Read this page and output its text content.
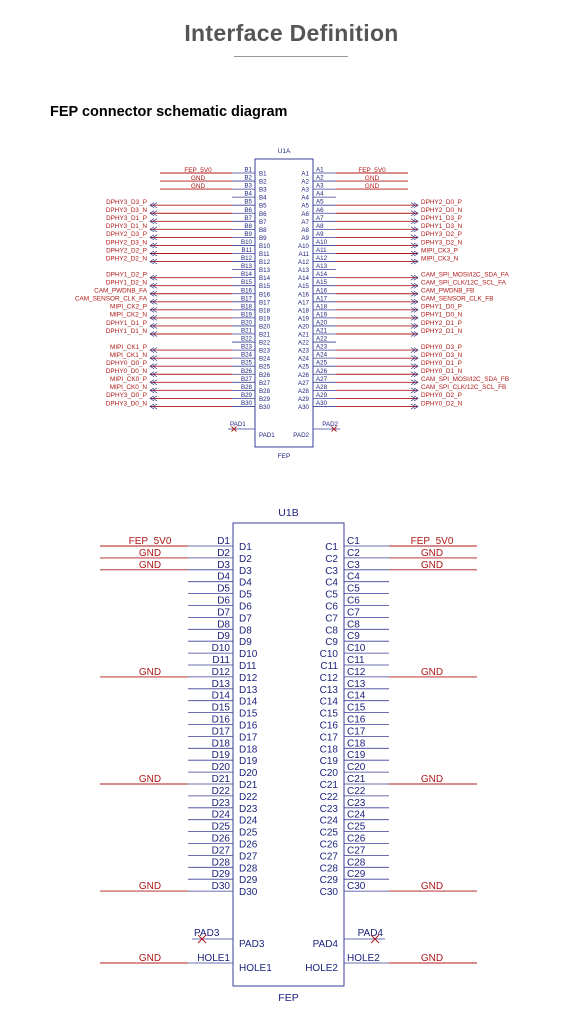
Interface Definition
FEP connector schematic diagram
U1A
FEP
B1
B1
A1
A1
FEP_5V0	FEP_5V0
B2
B2
A2
A2
GND	GND
B3
B3
A3
A3
GND	GND
B4
B4
A4
A4
B5
B5
A5
A5
DPHY3_D3_P	DPHY2_D0_P
B6
B6
A6
A6
DPHY3_D3_N	DPHY2_D0_N
B7
B7
A7
A7
DPHY3_D1_P	DPHY1_D3_P
B8
B8
A8
A8
DPHY3_D1_N	DPHY1_D3_N
B9
B9
A9
A9
DPHY2_D3_P	DPHY3_D2_P
B10
B10
A10
A10
DPHY2_D3_N	DPHY3_D2_N
B11
B11
A11
A11
DPHY2_D2_P	MIPI_CK3_P
B12
B12
A12
A12
DPHY2_D2_N	MIPI_CK3_N
B13
B13
A13
A13
B14
B14
A14
A14
DPHY1_D2_P	CAM_SPI_MOSI/I2C_SDA_FA
B15
B15
A15
A15
DPHY1_D2_N	CAM_SPI_CLK/12C_SCL_FA
B16
B16
A16
A16
CAM_PWDNB_FA	CAM_PWDNB_FB
B17
B17
A17
A17
CAM_SENSOR_CLK_FA	CAM_SENSOR_CLK_FB
B18
B18
A18
A18
MIPI_CK2_P	DPHY1_D0_P
B19
B19
A19
A19
MIPI_CK2_N	DPHY1_D0_N
B20
B20
A20
A20
DPHY1_D1_P	DPHY2_D1_P
B21
B21
A21
A21
DPHY1_D1_N	DPHY2_D1_N
B22
B22
A22
A22
B23
B23
A23
A23
MIPI_CK1_P	DPHY0_D3_P
B24
B24
A24
A24
MIPI_CK1_N	DPHY0_D3_N
B25
B25
A25
A25
DPHY0_D0_P	DPHY0_D1_P
B26
B26
A26
A26
DPHY0_D0_N	DPHY0_D1_N
B27
B27
A27
A27
MIPI_CK0_P	CAM_SPI_MOSI/I2C_SDA_FB
B28
B28
A28
A28
MIPI_CK0_N	CAM_SPI_CLK/12C_SCL_FB
B29
B29
A29
A29
DPHY3_D0_P	DPHY0_D2_P
B30
B30
A30
A30
DPHY3_D0_N	DPHY0_D2_N
PAD1	PAD2
PAD1	PAD2
U1B
FEP
D1
D1
C1
C1
FEP_5V0	FEP_5V0
D2
D2
C2
C2
GND	GND
D3
D3
C3
C3
GND	GND
D4
D4
C4
C4
D5
D5
C5
C5
D6
D6
C6
C6
D7
D7
C7
C7
D8
D8
C8
C8
D9
D9
C9
C9
D10
D10
C10
C10
D11
D11
C11
C11
D12
D12
C12
C12
GND	GND
D13
D13
C13
C13
D14
D14
C14
C14
D15
D15
C15
C15
D16
D16
C16
C16
D17
D17
C17
C17
D18
D18
C18
C18
D19
D19
C19
C19
D20
D20
C20
C20
D21
D21
C21
C21
GND	GND
D22
D22
C22
C22
D23
D23
C23
C23
D24
D24
C24
C24
D25
D25
C25
C25
D26
D26
C26
C26
D27
D27
C27
C27
D28
D28
C28
C28
D29
D29
C29
C29
D30
D30
C30
C30
GND	GND
PAD3	PAD4
PAD3	PAD4
GND	GND
HOLE1	HOLE2
HOLE1	HOLE2
